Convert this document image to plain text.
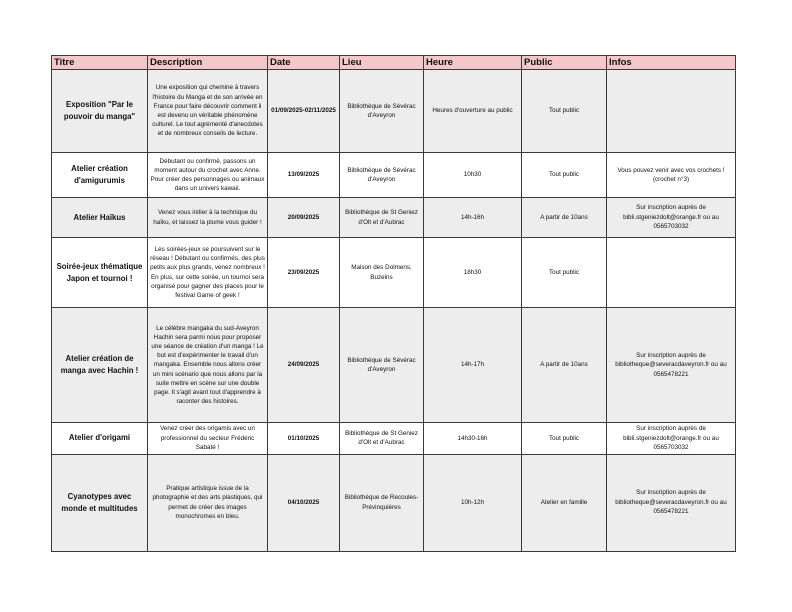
Titre	Description	Date	Lieu	Heure	Public	Infos
Exposition "Par le pouvoir du manga"	Une exposition qui chemine à travers l'histoire du Manga et de son arrivée en France pour faire découvrir comment il est devenu un véritable phénomène culturel. Le tout agrémenté d'anecdotes et de nombreux conseils de lecture.	01/09/2025-02/11/2025	Bibliothèque de Sévérac d'Aveyron	Heures d'ouverture au public	Tout public	
Atelier création d'amigurumis	Débutant ou confirmé, passons un moment autour du crochet avec Anne. Pour créer des personnages ou animaux dans un univers kawaii.	13/09/2025	Bibliothèque de Sévérac d'Aveyron	10h30	Tout public	Vous pouvez venir avec vos crochets ! (crochet n°3)
Atelier Haïkus	Venez vous initier à la technique du haïku, et laissez la plume vous guider !	20/09/2025	Bibliothèque de St Geniez d'Olt et d'Aubrac	14h-16h	A partir de 10ans	Sur inscription auprès de bibli.stgeniezdolt@orange.fr ou au 0565703032
Soirée-jeux thématique Japon et tournoi !	Les soirées-jeux se poursuivent sur le réseau ! Débutant ou confirmés, des plus petits aux plus grands, venez nombreux ! En plus, sur cette soirée, un tournoi sera organisé pour gagner des places pour le festival Game of geek !	23/09/2025	Maison des Dolmens, Buzeins	18h30	Tout public	
Atelier création de manga avec Hachin !	Le célèbre mangaka du sud-Aveyron Hachin sera parmi nous pour proposer une séance de création d'un manga ! Le but est d'expérimenter le travail d'un mangaka. Ensemble nous allons créer un mini scénario que nous allons par la suite mettre en scène sur une double page. Il s'agit avant tout d'apprendre à raconter des histoires.	24/09/2025	Bibliothèque de Sévérac d'Aveyron	14h-17h	A partir de 10ans	Sur inscription auprès de bibliotheque@severacdaveyron.fr ou au 0565478221
Atelier d'origami	Venez créer des origamis avec un professionnel du secteur Frédéric Sabaté !	01/10/2025	Bibliothèque de St Geniez d'Olt et d'Aubrac	14h30-16h	Tout public	Sur inscription auprès de bibli.stgeniezdolt@orange.fr ou au 0565703032
Cyanotypes avec monde et multitudes	Pratique artistique issue de la photographie et des arts plastiques, qui permet de créer des images monochromes en bleu.	04/10/2025	Bibliothèque de Recoules-Prévinquières	10h-12h	Atelier en famille	Sur inscription auprès de bibliotheque@severacdaveyron.fr ou au 0565478221
